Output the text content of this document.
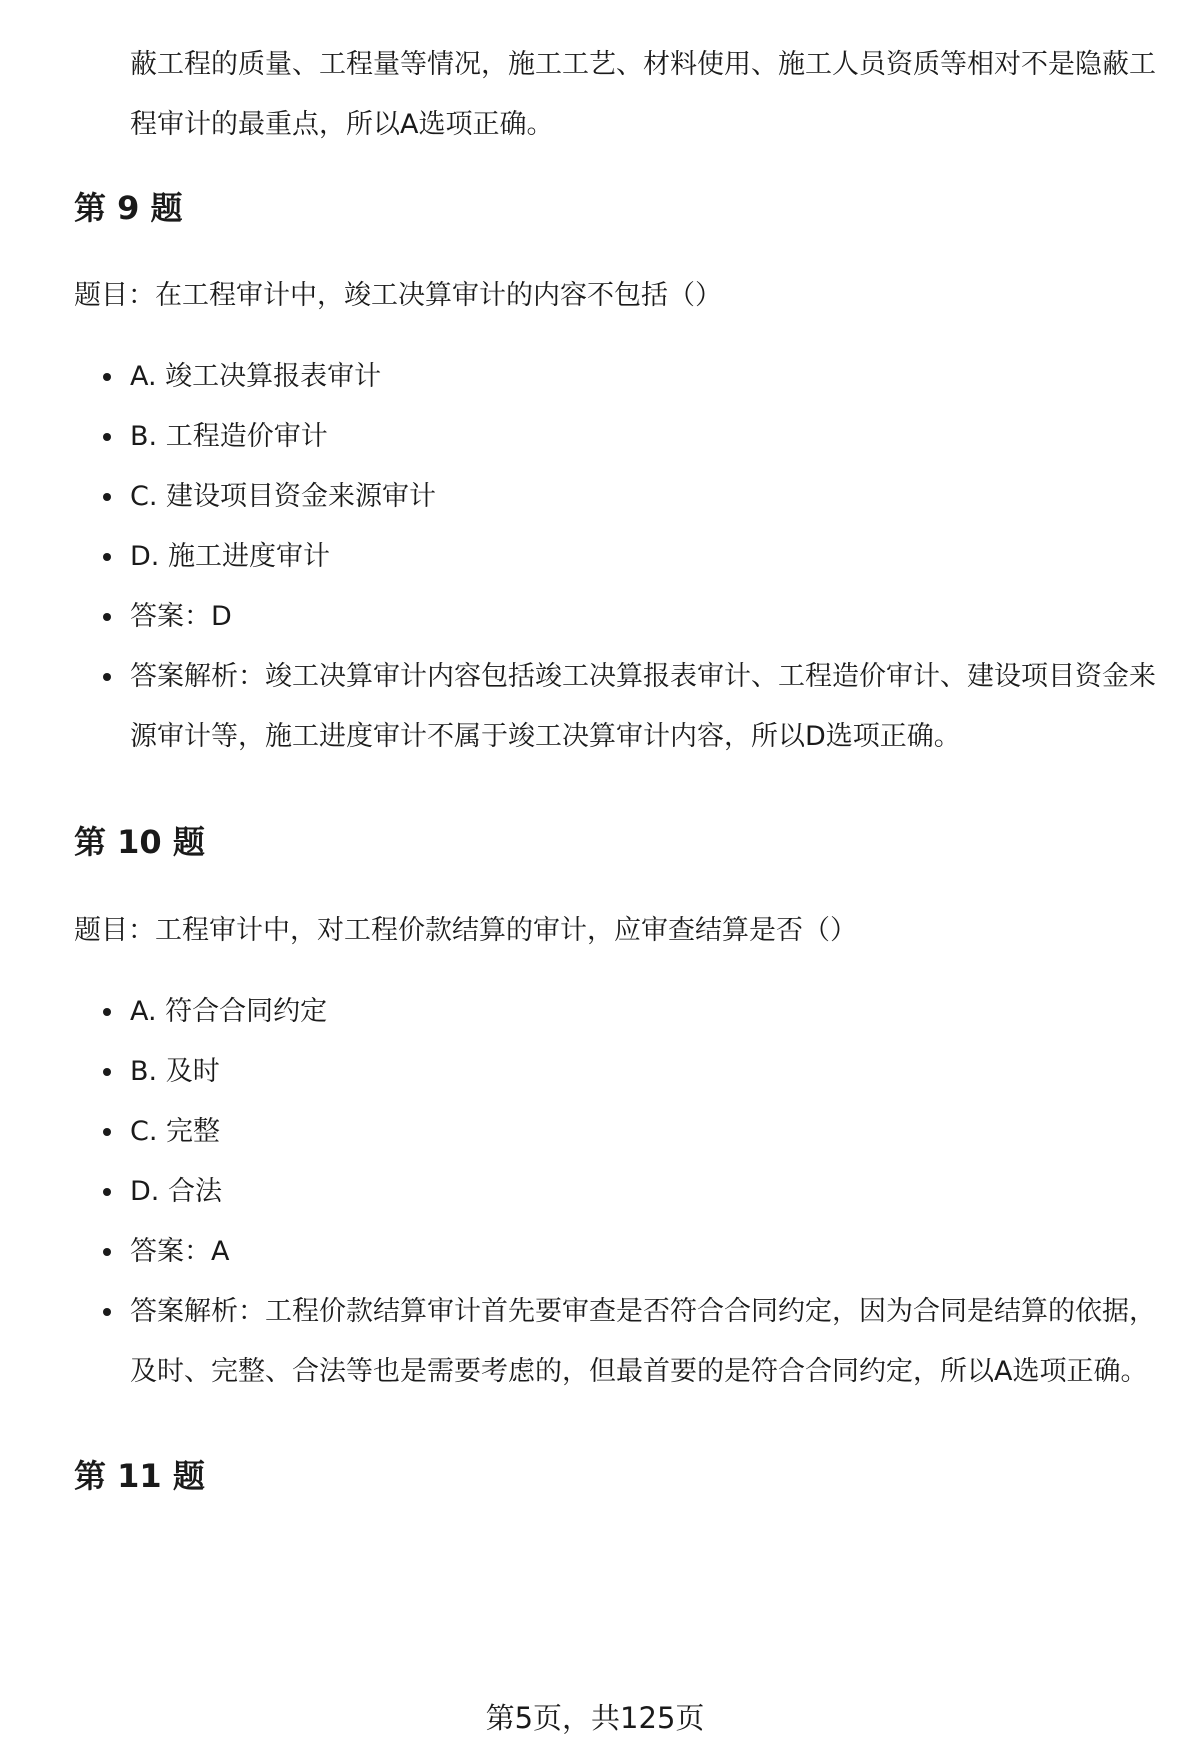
蔽工程的质量、工程量等情况，施工工艺、材料使用、施工人员资质等相对不是隐蔽工程审计的最重点，所以A选项正确。

第 9 题

题目：在工程审计中，竣工决算审计的内容不包括（）

A. 竣工决算报表审计
B. 工程造价审计
C. 建设项目资金来源审计
D. 施工进度审计
答案：D
答案解析：竣工决算审计内容包括竣工决算报表审计、工程造价审计、建设项目资金来源审计等，施工进度审计不属于竣工决算审计内容，所以D选项正确。
第 10 题

题目：工程审计中，对工程价款结算的审计，应审查结算是否（）

A. 符合合同约定
B. 及时
C. 完整
D. 合法
答案：A
答案解析：工程价款结算审计首先要审查是否符合合同约定，因为合同是结算的依据，及时、完整、合法等也是需要考虑的，但最首要的是符合合同约定，所以A选项正确。
第 11 题
第5页，共125页
